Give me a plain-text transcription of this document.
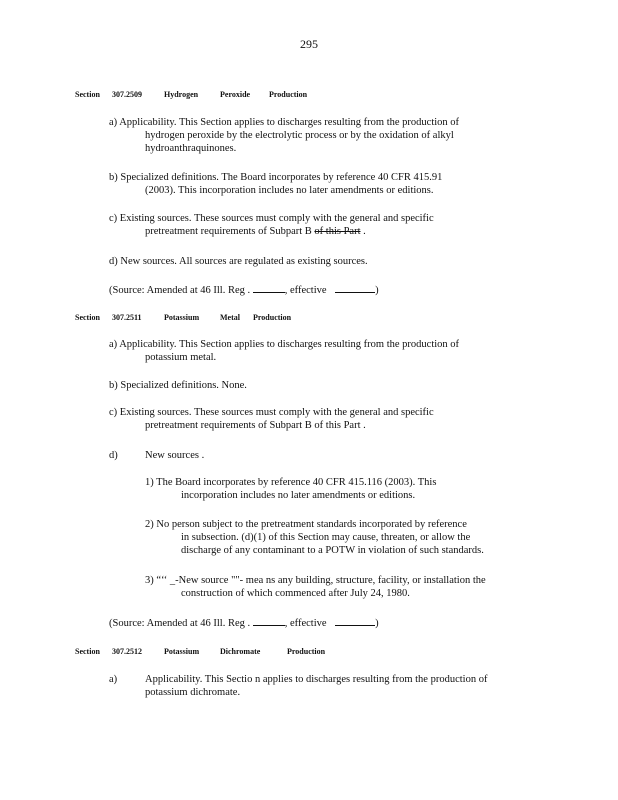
295
Section 307.2509	Hydrogen	Peroxide Production
a) Applicability. This Section applies to discharges resulting from the production of
hydrogen peroxide by the electrolytic process or by the oxidation of alkyl
hydroanthraquinones.
b) Specialized definitions. The Board incorporates by reference 40 CFR 415.91
(2003). This incorporation includes no later amendments or editions.
c) Existing sources. These sources must comply with the general and specific
pretreatment requirements of Subpart B of this Part .
d) New sources. All sources are regulated as existing sources.
(Source: Amended at 46 Ill. Reg .	, effective	)
Section 307.2511	Potassium	Metal Production
a) Applicability. This Section applies to discharges resulting from the production of
potassium metal.
b) Specialized definitions. None.
c) Existing sources. These sources must comply with the general and specific
pretreatment requirements of Subpart B of this Part .
d)	New sources .
1) The Board incorporates by reference 40 CFR 415.116 (2003). This
incorporation includes no later amendments or editions.
2) No person subject to the pretreatment standards incorporated by reference
in subsection. (d)(1) of this Section may cause, threaten, or allow the
discharge of any contaminant to a POTW in violation of such standards.
3) “‘‘ _‐New source ""‐ mea ns any building, structure, facility, or installation the
construction of which commenced after July 24, 1980.
(Source: Amended at 46 Ill. Reg .	, effective	)
Section 307.2512	Potassium	Dichromate	Production
a)	Applicability. This Sectio n applies to discharges resulting from the production of
potassium dichromate.
